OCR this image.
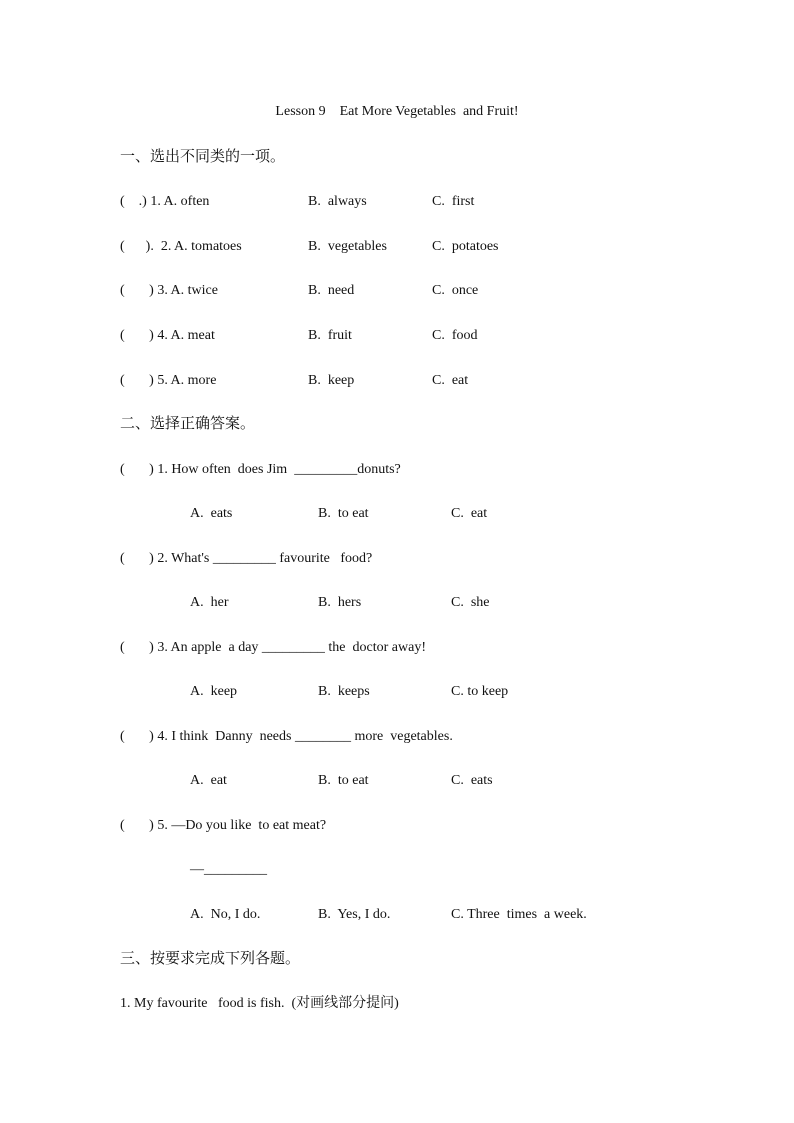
Lesson 9    Eat More Vegetables  and Fruit!
一、选出不同类的一项。
(    .) 1. A. often	B.  always	C.  first
(      ).  2. A. tomatoes	B.  vegetables	C.  potatoes
(       ) 3. A. twice	B.  need	C.  once
(       ) 4. A. meat	B.  fruit	C.  food
(       ) 5. A. more	B.  keep	C.  eat
二、选择正确答案。
(       ) 1. How often  does Jim  _________donuts?
A.  eats	B.  to eat	C.  eat
(       ) 2. What's _________ favourite   food?
A.  her	B.  hers	C.  she
(       ) 3. An apple  a day _________ the  doctor away!
A.  keep	B.  keeps	C. to keep
(       ) 4. I think  Danny  needs ________ more  vegetables.
A.  eat	B.  to eat	C.  eats
(       ) 5. —Do you like  to eat meat?
—_________
A.  No, I do.	B.  Yes, I do.	C. Three  times  a week.
三、按要求完成下列各题。
1. My favourite   food is fish.  (对画线部分提问)
